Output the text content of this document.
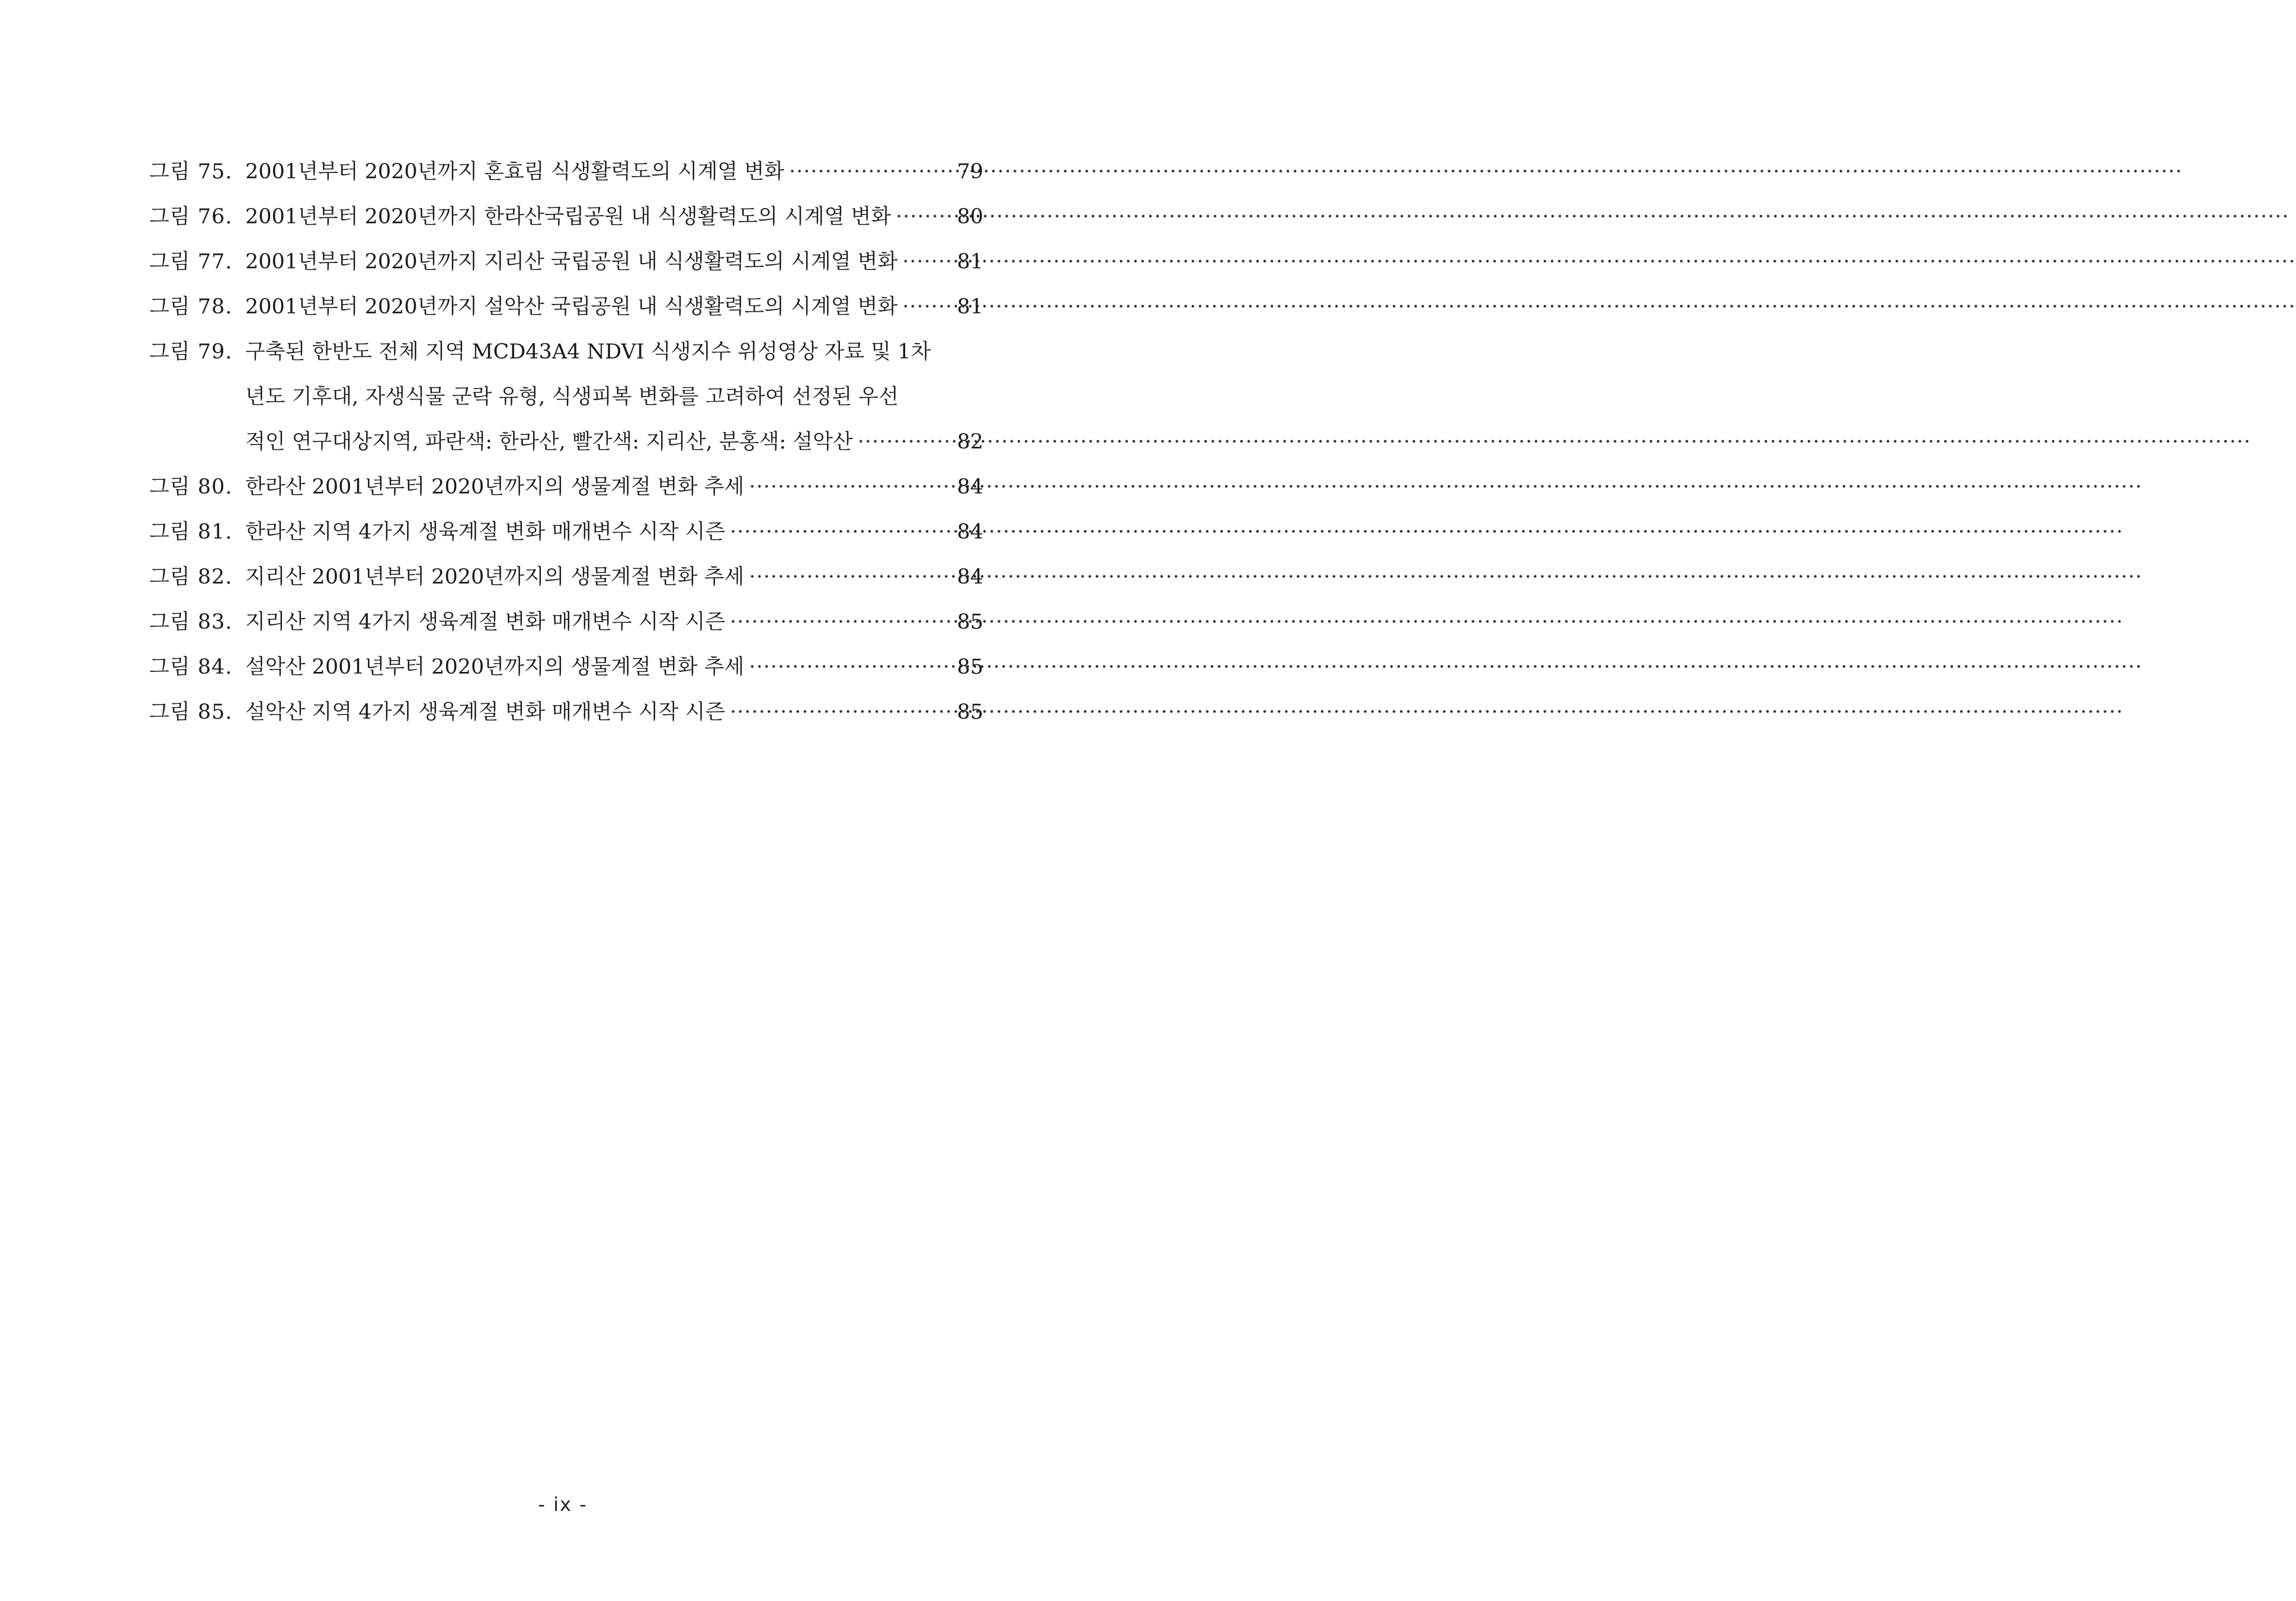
그림 75. 2001년부터 2020년까지 혼효림 식생활력도의 시계열 변화 ·····	79
그림 76. 2001년부터 2020년까지 한라산국립공원 내 식생활력도의 시계열 변화 ·····	80
그림 77. 2001년부터 2020년까지 지리산 국립공원 내 식생활력도의 시계열 변화 ·····	81
그림 78. 2001년부터 2020년까지 설악산 국립공원 내 식생활력도의 시계열 변화 ·····	81
그림 79. 구축된 한반도 전체 지역 MCD43A4 NDVI 식생지수 위성영상 자료 및 1차
년도 기후대, 자생식물 군락 유형, 식생피복 변화를 고려하여 선정된 우선
적인 연구대상지역, 파란색: 한라산, 빨간색: 지리산, 분홍색: 설악산 ·····	82
그림 80. 한라산 2001년부터 2020년까지의 생물계절 변화 추세 ·····	84
그림 81. 한라산 지역 4가지 생육계절 변화 매개변수 시작 시즌 ·····	84
그림 82. 지리산 2001년부터 2020년까지의 생물계절 변화 추세 ·····	84
그림 83. 지리산 지역 4가지 생육계절 변화 매개변수 시작 시즌 ·····	85
그림 84. 설악산 2001년부터 2020년까지의 생물계절 변화 추세 ·····	85
그림 85. 설악산 지역 4가지 생육계절 변화 매개변수 시작 시즌 ·····	85
- ix -
